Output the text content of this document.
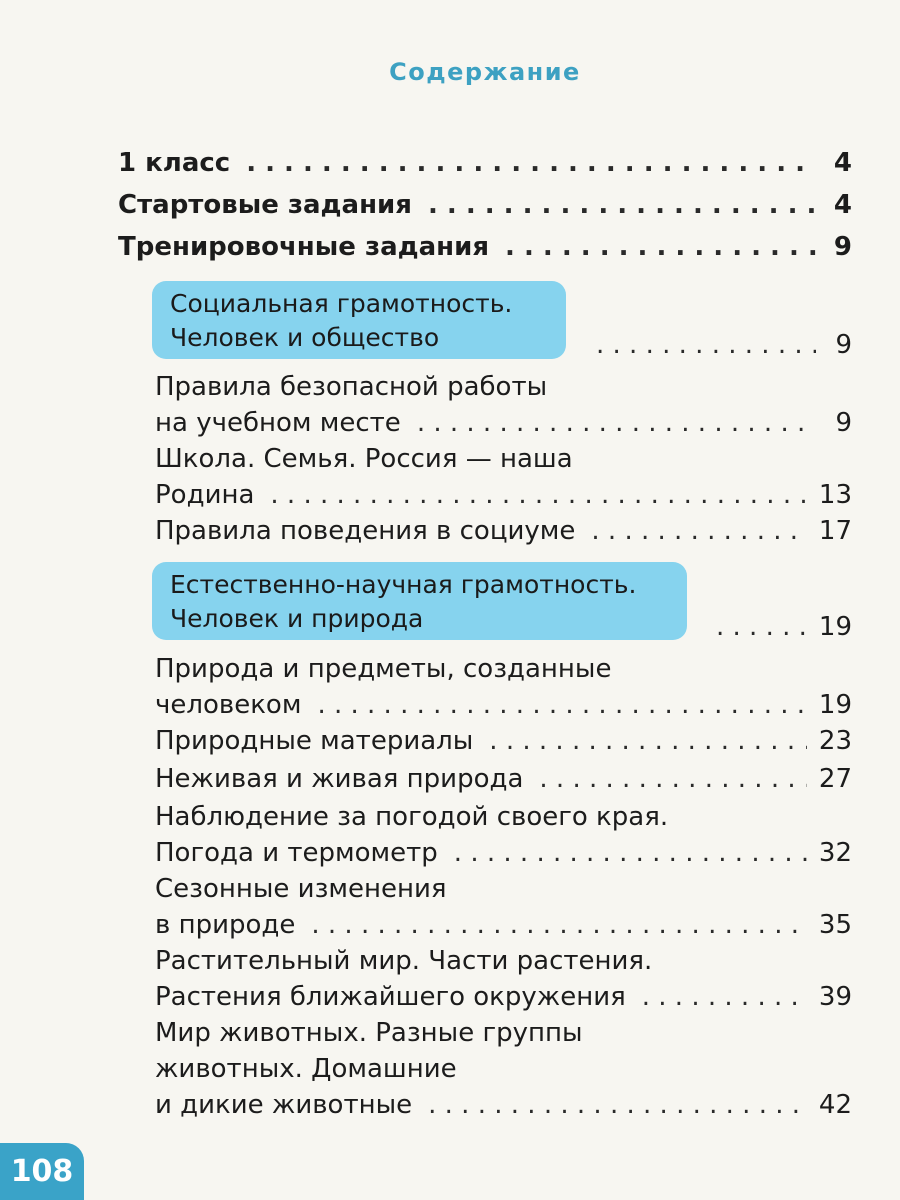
Содержание
1 класс . . .	4
Стартовые задания . . .	4
Тренировочные задания . . .	9
Социальная грамотность.
Человек и общество . . .	9
Правила безопасной работы
на учебном месте . . .	9
Школа. Семья. Россия — наша
Родина . . .	13
Правила поведения в социуме . . .	17
Естественно-научная грамотность.
Человек и природа . . .	19
Природа и предметы, созданные
человеком . . .	19
Природные материалы . . .	23
Неживая и живая природа . . .	27
Наблюдение за погодой своего края.
Погода и термометр . . .	32
Сезонные изменения
в природе . . .	35
Растительный мир. Части растения.
Растения ближайшего окружения . . .	39
Мир животных. Разные группы
животных. Домашние
и дикие животные . . .	42
108
